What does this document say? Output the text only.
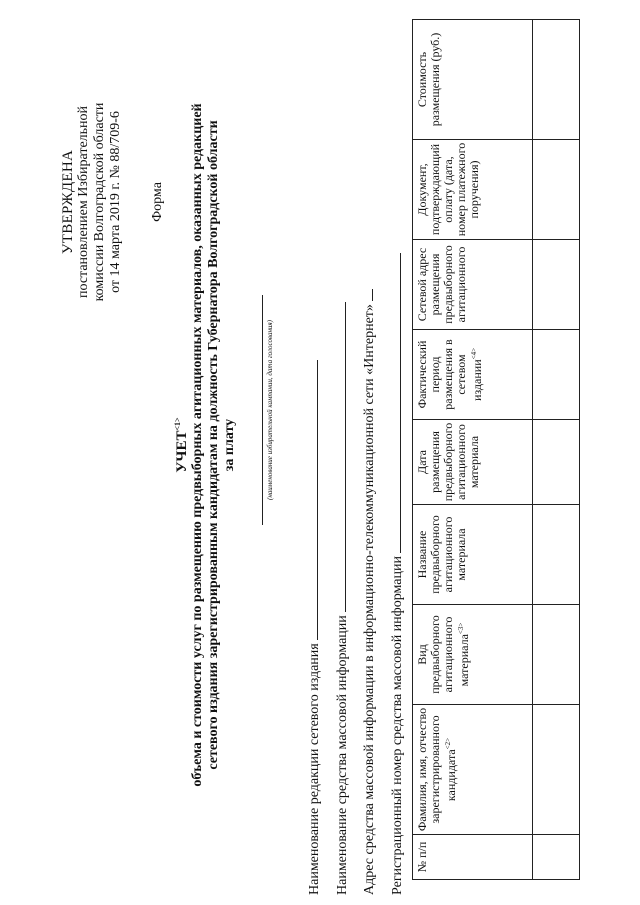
УТВЕРЖДЕНА постановлением Избирательной комиссии Волгоградской области от 14 марта 2019 г. № 88/709-6 Форма
$УЧЕТ^{<1>}$ объема и стоимости услуг по размещению предвыборных агитационных материалов, оказанных редакцией сетевого издания зарегистрированным кандидатам на должность Губернатора Волгоградской области за плату	(наименование избирательной кампании, дата голосования)
Наименование редакции сетевого издания Наименование средства массовой информации Адрес средства массовой информации в информационно-телекоммуникационной сети «Интернет» Регистрационный номер средства массовой информации № п/п	Фамилия, имя, отчество зарегистрированного кандидата$^{<2>}$	Вид предвыборного агитационного материала$^{<3>}$	Название предвыборного агитационного материала	Дата размещения предвыборного агитационного материала	Фактический период размещения в сетевом издании$^{<4>}$	Сетевой адрес размещения предвыборного агитационного	Документ, подтверждающий оплату (дата, номер платежного поручения)	Стоимость размещения (руб.)
